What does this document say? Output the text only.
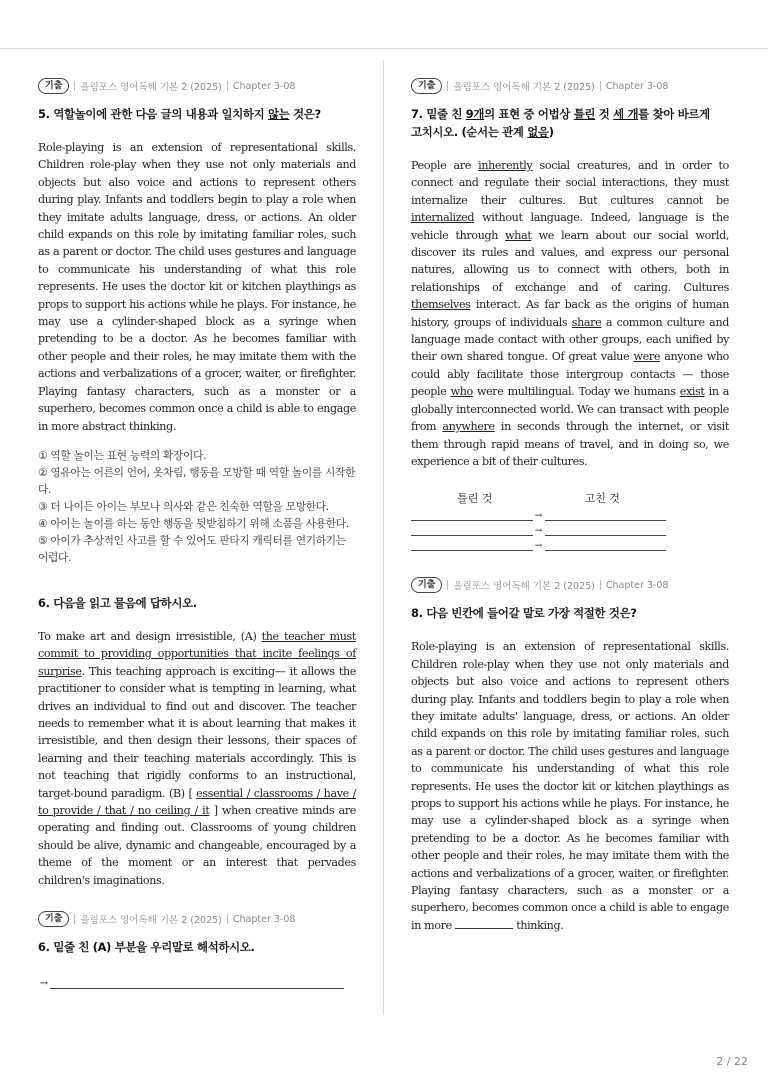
기출	올림포스 영어독해 기본 2 (2025) Chapter 3-08
5. 역할놀이에 관한 다음 글의 내용과 일치하지 않는 것은?
Role-playing is an extension of representational skills. Children role-play when they use not only materials and objects but also voice and actions to represent others during play. Infants and toddlers begin to play a role when they imitate adults language, dress, or actions. An older child expands on this role by imitating familiar roles, such as a parent or doctor. The child uses gestures and language to communicate his understanding of what this role represents. He uses the doctor kit or kitchen playthings as props to support his actions while he plays. For instance, he may use a cylinder-shaped block as a syringe when pretending to be a doctor. As he becomes familiar with other people and their roles, he may imitate them with the actions and verbalizations of a grocer, waiter, or firefighter. Playing fantasy characters, such as a monster or a superhero, becomes common once a child is able to engage in more abstract thinking.
① 역할 놀이는 표현 능력의 확장이다.
② 영유아는 어른의 언어, 옷차림, 행동을 모방할 때 역할 놀이를 시작한다.
③ 더 나이든 아이는 부모나 의사와 같은 친숙한 역할을 모방한다.
④ 아이는 놀이를 하는 동안 행동을 뒷받침하기 위해 소품을 사용한다.
⑤ 아이가 추상적인 사고를 할 수 있어도 판타지 캐릭터를 연기하기는 어렵다.
6. 다음을 읽고 물음에 답하시오.
To make art and design irresistible, (A) the teacher must commit to providing opportunities that incite feelings of surprise. This teaching approach is exciting— it allows the practitioner to consider what is tempting in learning, what drives an individual to find out and discover. The teacher needs to remember what it is about learning that makes it irresistible, and then design their lessons, their spaces of learning and their teaching materials accordingly. This is not teaching that rigidly conforms to an instructional, target-bound paradigm. (B) [ essential / classrooms / have / to provide / that / no ceiling / it ] when creative minds are operating and finding out. Classrooms of young children should be alive, dynamic and changeable, encouraged by a theme of the moment or an interest that pervades children's imaginations.
기출	올림포스 영어독해 기본 2 (2025) Chapter 3-08
6. 밑줄 친 (A) 부분을 우리말로 해석하시오.
→
기출	올림포스 영어독해 기본 2 (2025) Chapter 3-08
7. 밑줄 친 9개의 표현 중 어법상 틀린 것 세 개를 찾아 바르게
고치시오. (순서는 관계 없음)
People are inherently social creatures, and in order to connect and regulate their social interactions, they must internalize their cultures. But cultures cannot be internalized without language. Indeed, language is the vehicle through what we learn about our social world, discover its rules and values, and express our personal natures, allowing us to connect with others, both in relationships of exchange and of caring. Cultures themselves interact. As far back as the origins of human history, groups of individuals share a common culture and language made contact with other groups, each unified by their own shared tongue. Of great value were anyone who could ably facilitate those intergroup contacts — those people who were multilingual. Today we humans exist in a globally interconnected world. We can transact with people from anywhere in seconds through the internet, or visit them through rapid means of travel, and in doing so, we experience a bit of their cultures.
틀린 것	고친 것
→
→
→
기출	올림포스 영어독해 기본 2 (2025) Chapter 3-08
8. 다음 빈칸에 들어갈 말로 가장 적절한 것은?
Role-playing is an extension of representational skills. Children role-play when they use not only materials and objects but also voice and actions to represent others during play. Infants and toddlers begin to play a role when they imitate adults' language, dress, or actions. An older child expands on this role by imitating familiar roles, such as a parent or doctor. The child uses gestures and language to communicate his understanding of what this role represents. He uses the doctor kit or kitchen playthings as props to support his actions while he plays. For instance, he may use a cylinder-shaped block as a syringe when pretending to be a doctor. As he becomes familiar with other people and their roles, he may imitate them with the actions and verbalizations of a grocer, waiter, or firefighter. Playing fantasy characters, such as a monster or a superhero, becomes common once a child is able to engage in more	thinking.
2 / 22
